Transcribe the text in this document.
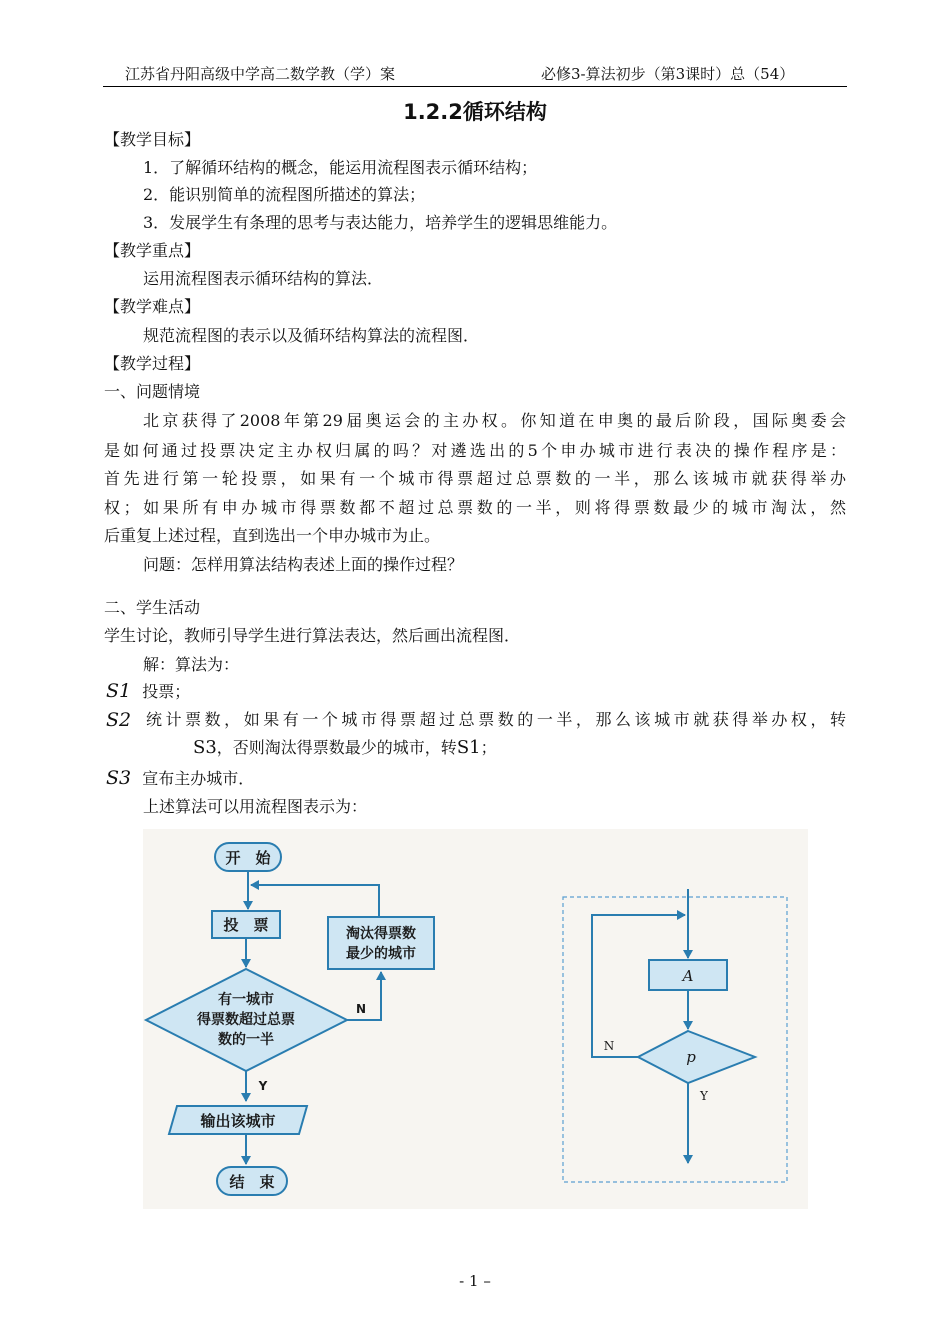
江苏省丹阳高级中学高二数学教（学）案	必修3-算法初步（第3课时）总（54）
1.2.2循环结构
【教学目标】
1．了解循环结构的概念，能运用流程图表示循环结构；
2．能识别简单的流程图所描述的算法；
3．发展学生有条理的思考与表达能力，培养学生的逻辑思维能力。
【教学重点】
运用流程图表示循环结构的算法．
【教学难点】
规范流程图的表示以及循环结构算法的流程图．
【教学过程】
一、问题情境
北京获得了2008年第29届奥运会的主办权。你知道在申奥的最后阶段，国际奥委会
是如何通过投票决定主办权归属的吗？对遴选出的5个申办城市进行表决的操作程序是：
首先进行第一轮投票，如果有一个城市得票超过总票数的一半，那么该城市就获得举办
权；如果所有申办城市得票数都不超过总票数的一半，则将得票数最少的城市淘汰，然
后重复上述过程，直到选出一个申办城市为止。
问题：怎样用算法结构表述上面的操作过程？
二、学生活动
学生讨论，教师引导学生进行算法表达，然后画出流程图．
解：算法为：
S1 投票；
S2 统计票数，如果有一个城市得票超过总票数的一半，那么该城市就获得举办权，转
S3，否则淘汰得票数最少的城市，转S1；
S3 宣布主办城市．
上述算法可以用流程图表示为：
开　始
投　票	淘汰得票数
最少的城市
有一城市
得票数超过总票
数的一半
N
Y
输出该城市
结　束
A
p
N
Y
- 1 –
